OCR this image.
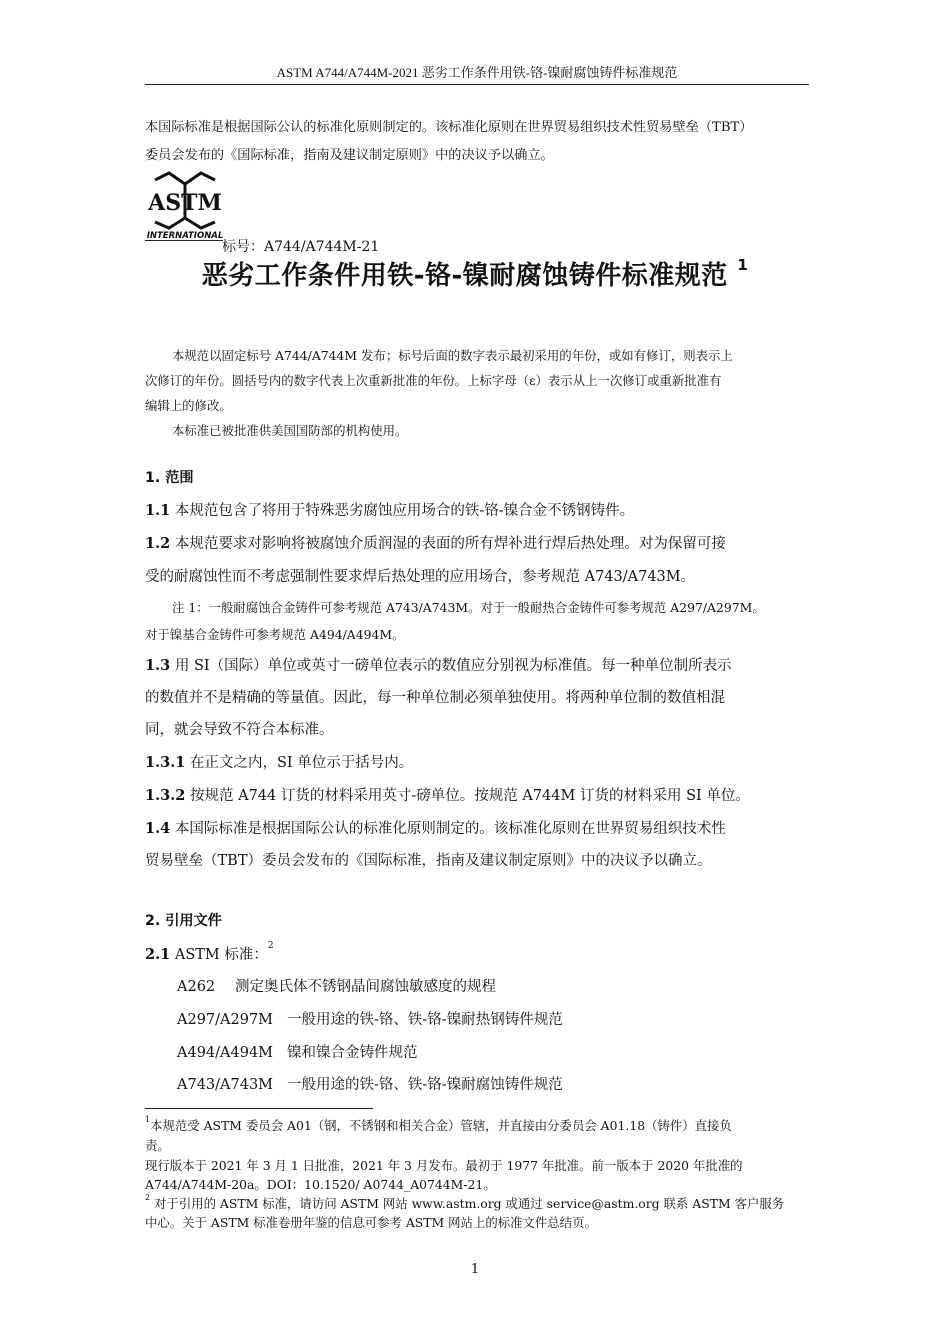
ASTM A744/A744M-2021 恶劣工作条件用铁-铬-镍耐腐蚀铸件标准规范
本国际标准是根据国际公认的标准化原则制定的。该标准化原则在世界贸易组织技术性贸易壁垒（TBT）
委员会发布的《国际标准，指南及建议制定原则》中的决议予以确立。
ASTM
INTERNATIONAL
标号：A744/A744M-21
恶劣工作条件用铁-铬-镍耐腐蚀铸件标准规范 $^1$
本规范以固定标号 A744/A744M 发布；标号后面的数字表示最初采用的年份，或如有修订，则表示上
次修订的年份。圆括号内的数字代表上次重新批准的年份。上标字母（ε）表示从上一次修订或重新批准有
编辑上的修改。
本标准已被批准供美国国防部的机构使用。
1. 范围
1.1 本规范包含了将用于特殊恶劣腐蚀应用场合的铁-铬-镍合金不锈钢铸件。
1.2 本规范要求对影响将被腐蚀介质润湿的表面的所有焊补进行焊后热处理。对为保留可接
受的耐腐蚀性而不考虑强制性要求焊后热处理的应用场合，参考规范 A743/A743M。
注 1：一般耐腐蚀合金铸件可参考规范 A743/A743M。对于一般耐热合金铸件可参考规范 A297/A297M。
对于镍基合金铸件可参考规范 A494/A494M。
1.3 用 SI（国际）单位或英寸一磅单位表示的数值应分别视为标准值。每一种单位制所表示
的数值并不是精确的等量值。因此，每一种单位制必须单独使用。将两种单位制的数值相混
同，就会导致不符合本标准。
1.3.1 在正文之内，SI 单位示于括号内。
1.3.2 按规范 A744 订货的材料采用英寸-磅单位。按规范 A744M 订货的材料采用 SI 单位。
1.4 本国际标准是根据国际公认的标准化原则制定的。该标准化原则在世界贸易组织技术性
贸易壁垒（TBT）委员会发布的《国际标准，指南及建议制定原则》中的决议予以确立。
2. 引用文件
2.1 ASTM 标准：$^2$
A262 测定奥氏体不锈钢晶间腐蚀敏感度的规程
A297/A297M 一般用途的铁-铬、铁-铬-镍耐热钢铸件规范
A494/A494M 镍和镍合金铸件规范
A743/A743M 一般用途的铁-铬、铁-铬-镍耐腐蚀铸件规范
$^1$本规范受 ASTM 委员会 A01（钢，不锈钢和相关合金）管辖，并直接由分委员会 A01.18（铸件）直接负
责。
现行版本于 2021 年 3 月 1 日批准，2021 年 3 月发布。最初于 1977 年批准。前一版本于 2020 年批准的
A744/A744M-20a。DOI：10.1520/ A0744_A0744M-21。
$^2$ 对于引用的 ASTM 标准，请访问 ASTM 网站 www.astm.org 或通过 service@astm.org 联系 ASTM 客户服务
中心。关于 ASTM 标准卷册年鉴的信息可参考 ASTM 网站上的标准文件总结页。
1
